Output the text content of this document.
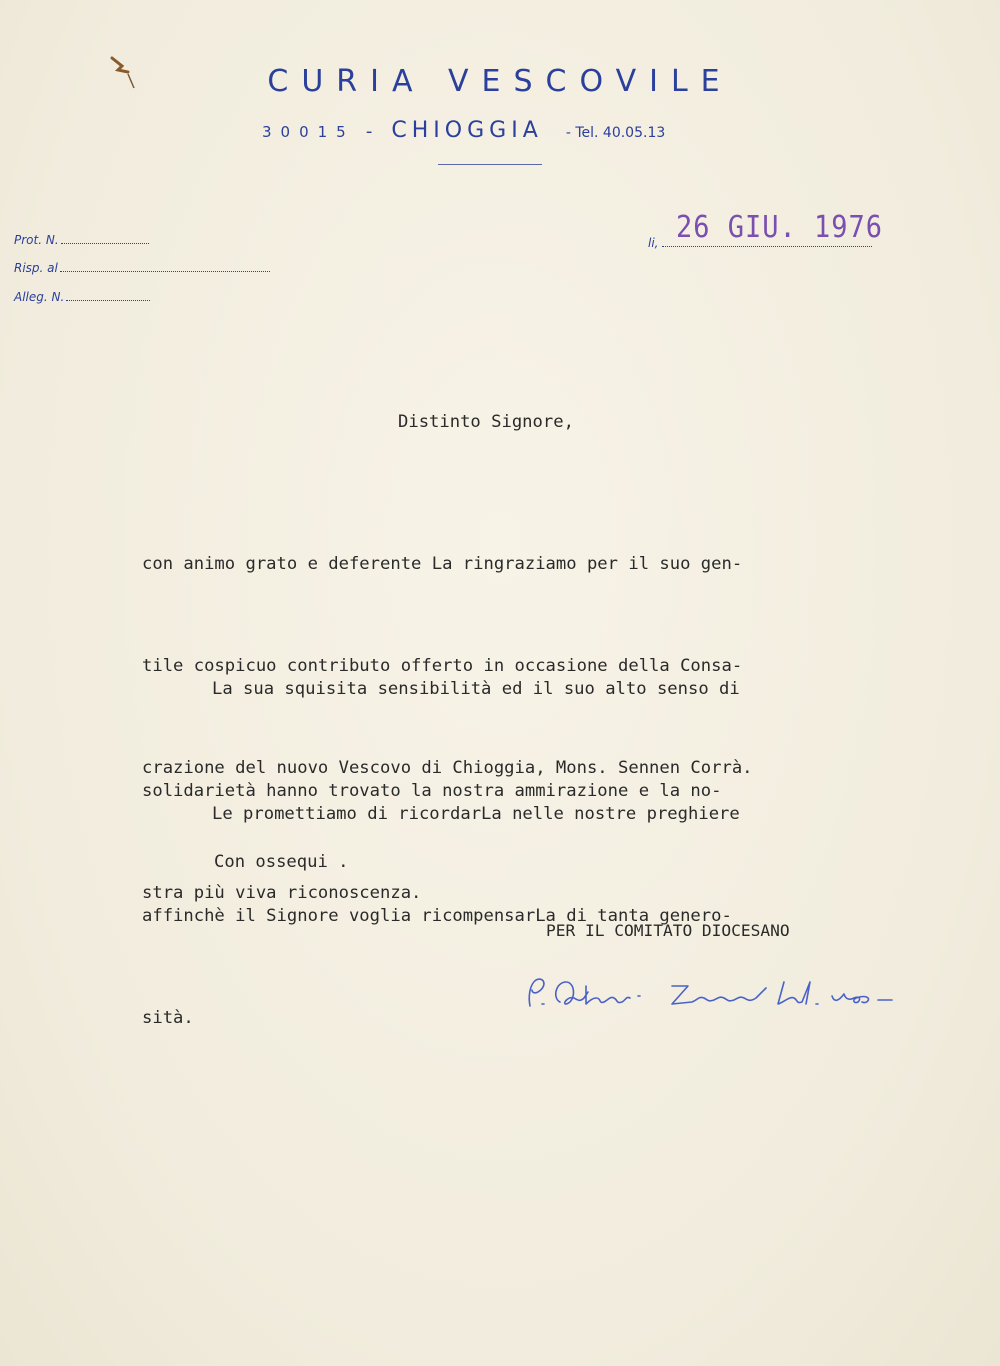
CURIA VESCOVILE
30015 - CHIOGGIA - Tel. 40.05.13
Prot. N.
Risp. al
Alleg. N.
li, 26 GIU. 1976
Distinto Signore,

con animo grato e deferente La ringraziamo per il suo gen-

tile cospicuo contributo offerto in occasione della Consa-

crazione del nuovo Vescovo di Chioggia, Mons. Sennen Corrà.

La sua squisita sensibilità ed il suo alto senso di

solidarietà hanno trovato la nostra ammirazione e la no-

stra più viva riconoscenza.

Le promettiamo di ricordarLa nelle nostre preghiere

affinchè il Signore voglia ricompensarLa di tanta genero-

sità.

Con ossequi .
PER IL COMITATO DIOCESANO
